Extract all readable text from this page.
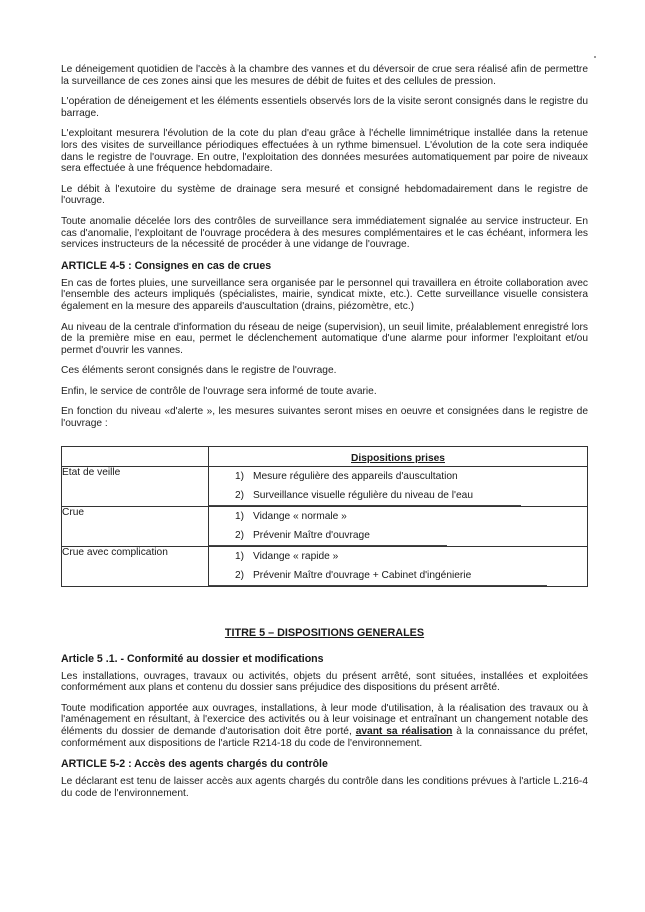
Le déneigement quotidien de l'accès à la chambre des vannes et du déversoir de crue sera réalisé afin de permettre la surveillance de ces zones ainsi que les mesures de débit de fuites et des cellules de pression.

L'opération de déneigement et les éléments essentiels observés lors de la visite seront consignés dans le registre du barrage.

L'exploitant mesurera l'évolution de la cote du plan d'eau grâce à l'échelle limnimétrique installée dans la retenue lors des visites de surveillance périodiques effectuées à un rythme bimensuel. L'évolution de la cote sera indiquée dans le registre de l'ouvrage. En outre, l'exploitation des données mesurées automatiquement par poire de niveaux sera effectuée à une fréquence hebdomadaire.

Le débit à l'exutoire du système de drainage sera mesuré et consigné hebdomadairement dans le registre de l'ouvrage.

Toute anomalie décelée lors des contrôles de surveillance sera immédiatement signalée au service instructeur. En cas d'anomalie, l'exploitant de l'ouvrage procédera à des mesures complémentaires et le cas échéant, informera les services instructeurs de la nécessité de procéder à une vidange de l'ouvrage.

ARTICLE 4-5 : Consignes en cas de crues

En cas de fortes pluies, une surveillance sera organisée par le personnel qui travaillera en étroite collaboration avec l'ensemble des acteurs impliqués (spécialistes, mairie, syndicat mixte, etc.). Cette surveillance visuelle consistera également en la mesure des appareils d'auscultation (drains, piézomètre, etc.)

Au niveau de la centrale d'information du réseau de neige (supervision), un seuil limite, préalablement enregistré lors de la première mise en eau, permet le déclenchement automatique d'une alarme pour informer l'exploitant et/ou permet d'ouvrir les vannes.

Ces éléments seront consignés dans le registre de l'ouvrage.

Enfin, le service de contrôle de l'ouvrage sera informé de toute avarie.

En fonction du niveau «d'alerte », les mesures suivantes seront mises en oeuvre et consignées dans le registre de l'ouvrage :

	Dispositions prises
Etat de veille	1) Mesure régulière des appareils d'auscultation
2) Surveillance visuelle régulière du niveau de l'eau

Crue	1) Vidange « normale »
2) Prévenir Maître d'ouvrage

Crue avec complication	1) Vidange « rapide »
2) Prévenir Maître d'ouvrage + Cabinet d'ingénierie
TITRE 5 – DISPOSITIONS GENERALES
Article 5 .1. - Conformité au dossier et modifications

Les installations, ouvrages, travaux ou activités, objets du présent arrêté, sont situées, installées et exploitées conformément aux plans et contenu du dossier sans préjudice des dispositions du présent arrêté.

Toute modification apportée aux ouvrages, installations, à leur mode d'utilisation, à la réalisation des travaux ou à l'aménagement en résultant, à l'exercice des activités ou à leur voisinage et entraînant un changement notable des éléments du dossier de demande d'autorisation doit être porté, avant sa réalisation à la connaissance du préfet, conformément aux dispositions de l'article R214-18 du code de l'environnement.

ARTICLE 5-2 : Accès des agents chargés du contrôle

Le déclarant est tenu de laisser accès aux agents chargés du contrôle dans les conditions prévues à l'article L.216-4 du code de l'environnement.
